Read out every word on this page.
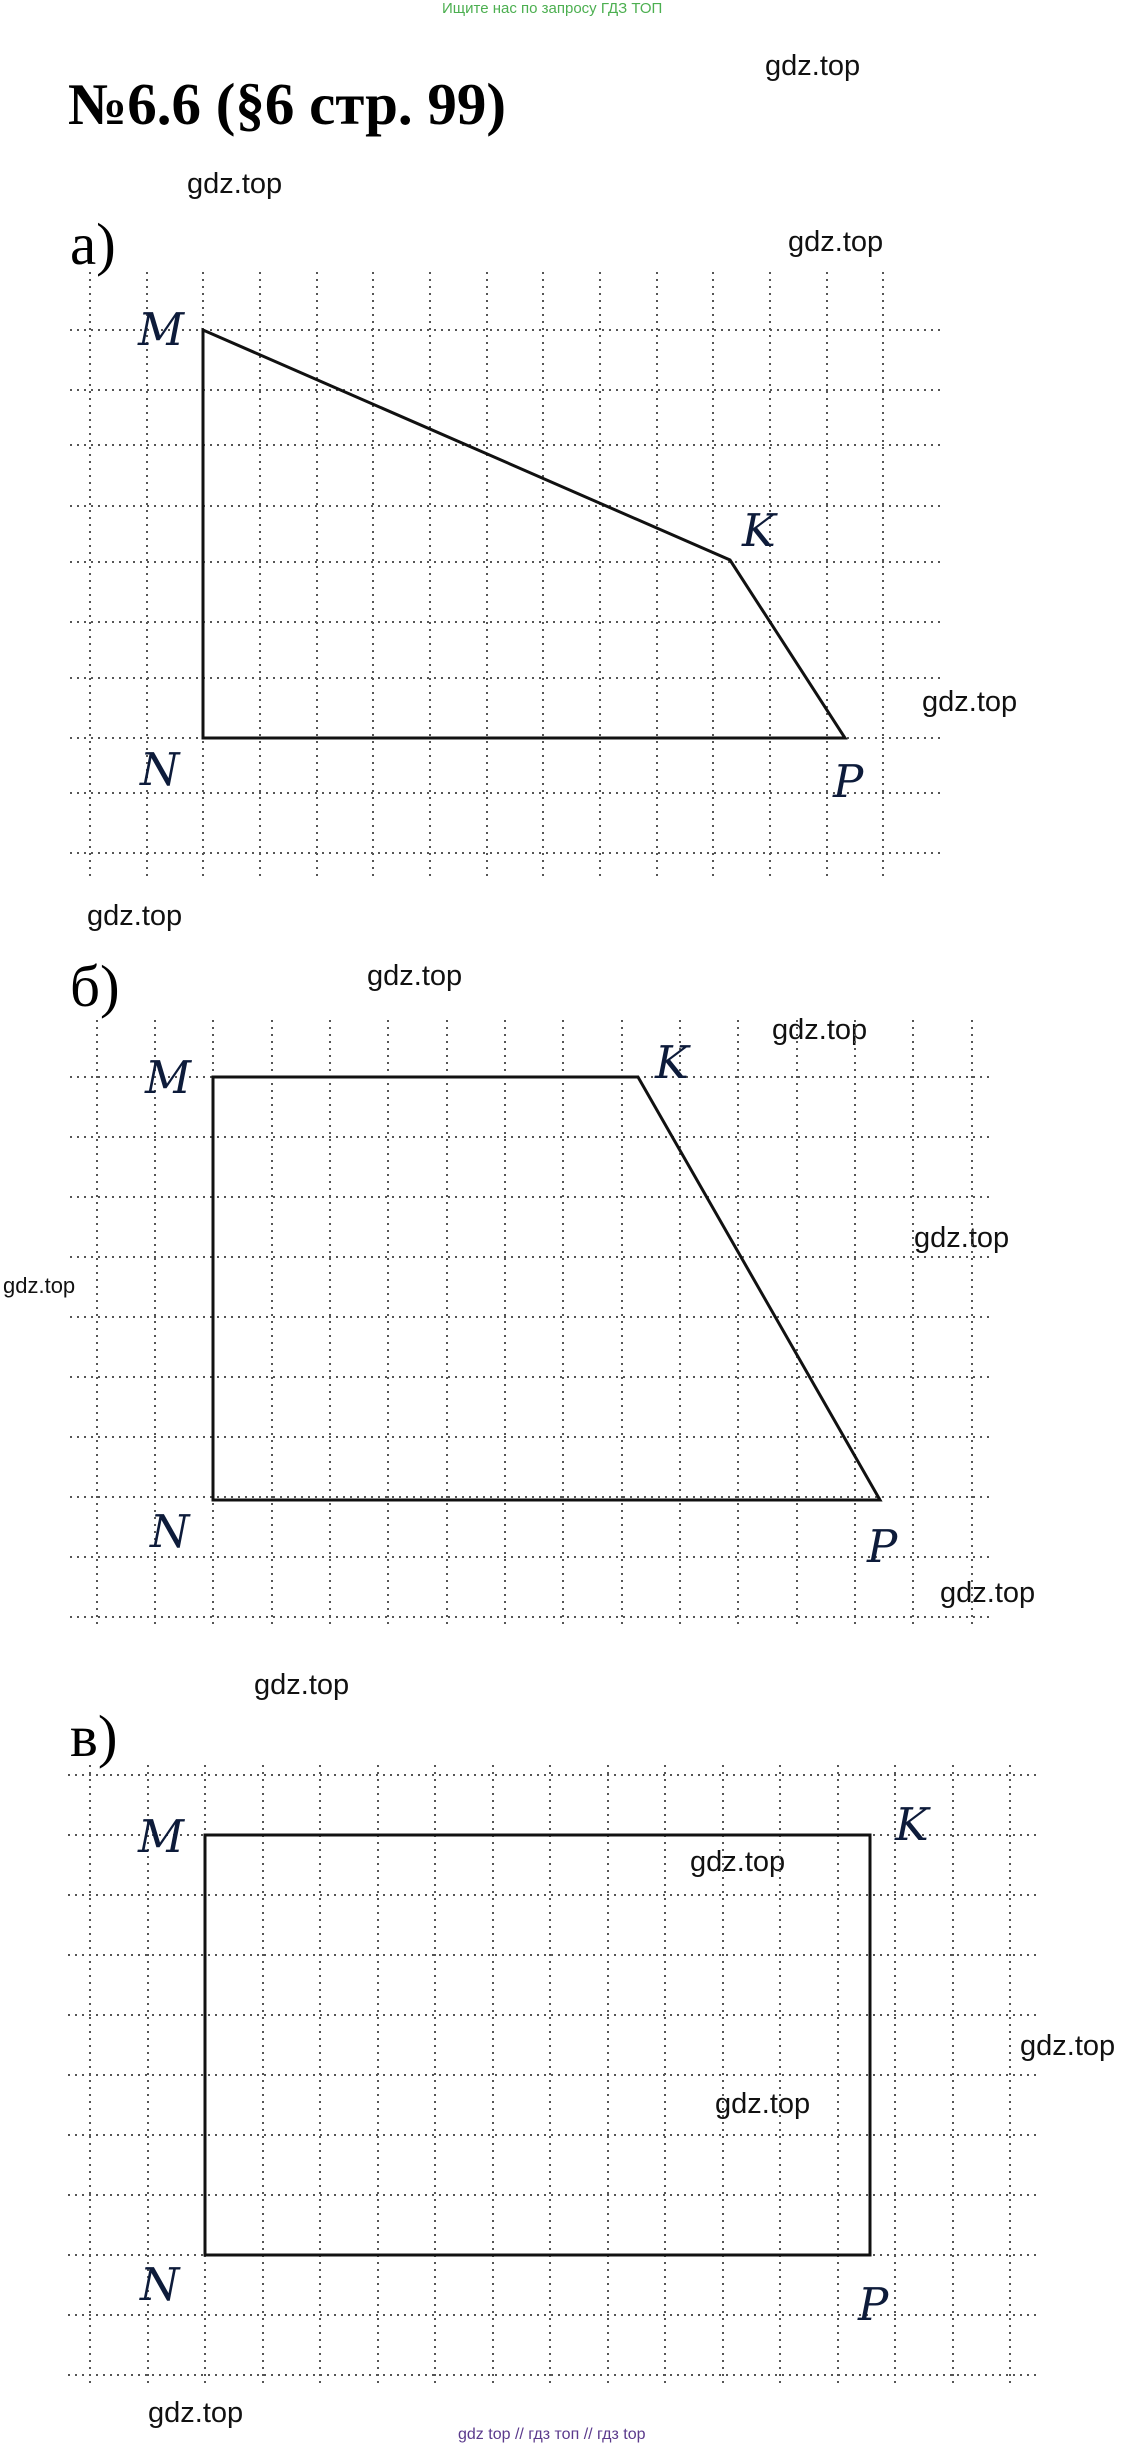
Ищите нас по запросу ГДЗ ТОП
№6.6 (§6 стр. 99)
а)
б)
в)
gdz.top
gdz.top
gdz.top
gdz.top
gdz.top
gdz.top
gdz.top
gdz.top
gdz.top
gdz.top
gdz.top
gdz.top
gdz.top
gdz.top
gdz.top
M
K
N	P
M	K
N	P
M	K
N	P
gdz top // гдз топ // гдз top
